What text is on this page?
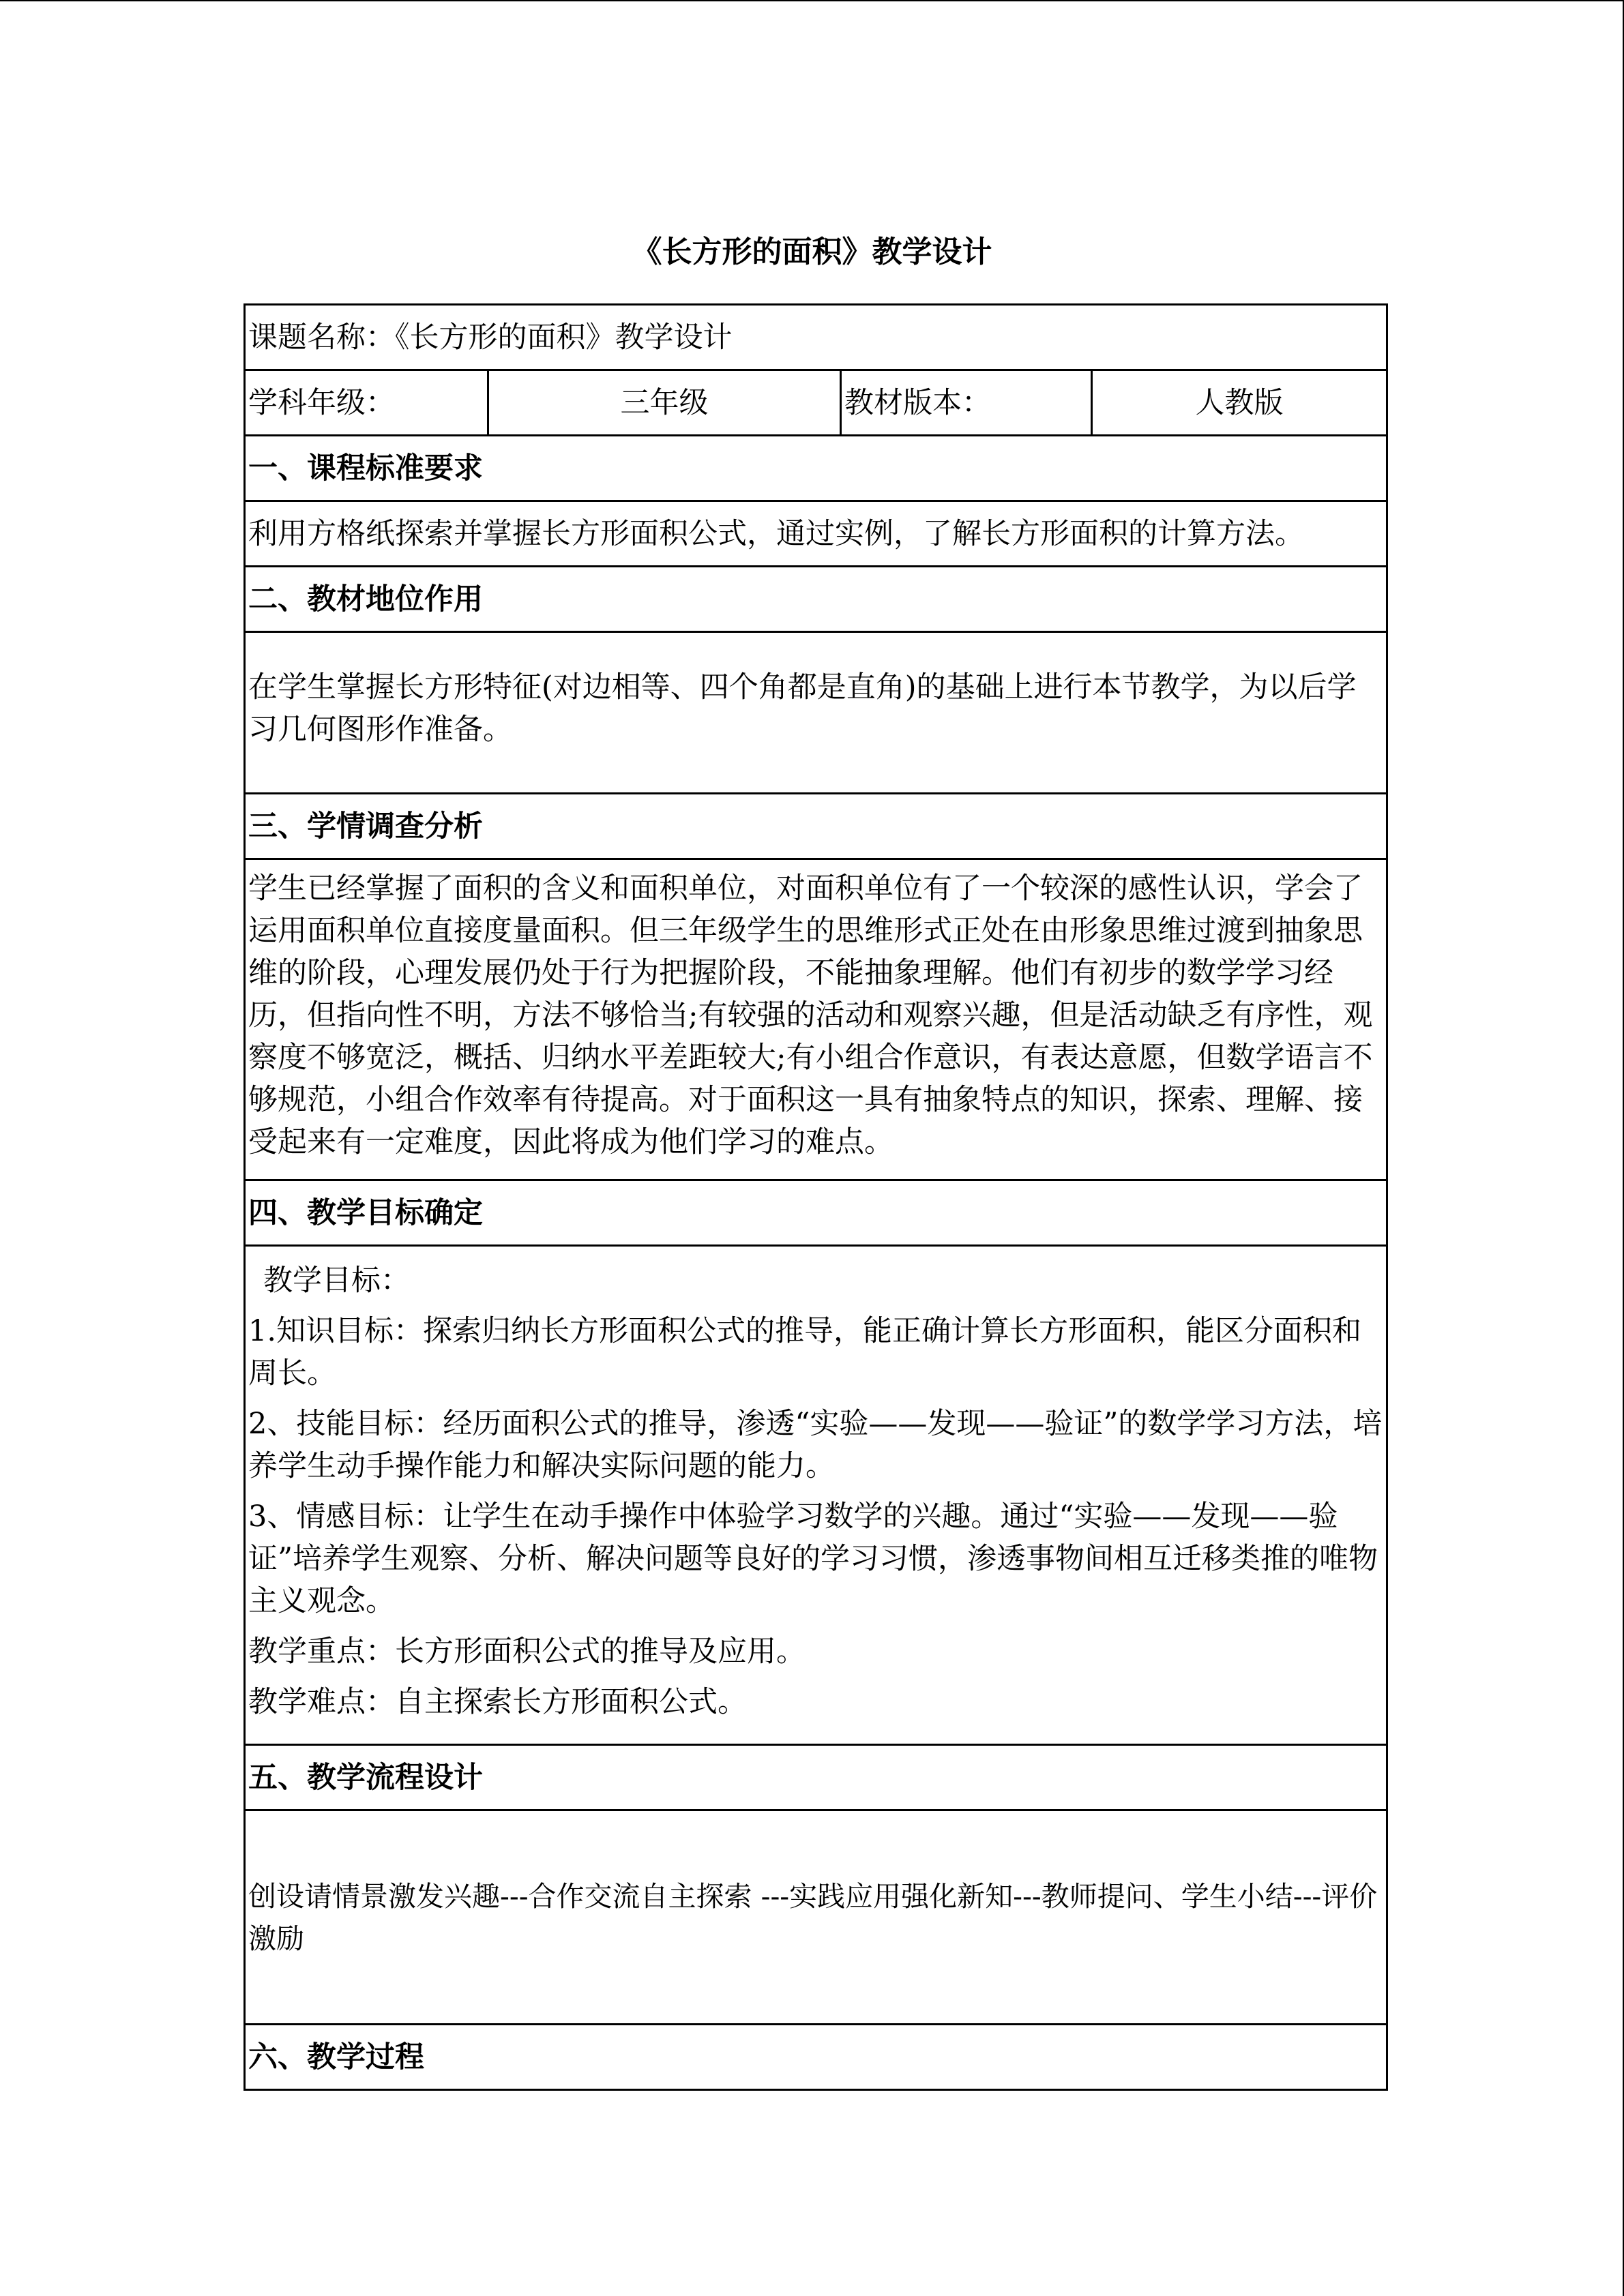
《长方形的面积》教学设计
课题名称：《长方形的面积》教学设计
学科年级：	三年级	教材版本：	人教版
一、课程标准要求
利用方格纸探索并掌握长方形面积公式，通过实例，了解长方形面积的计算方法。
二、教材地位作用

在学生掌握长方形特征(对边相等、四个角都是直角)的基础上进行本节教学，为以后学习几何图形作准备。

三、学情调查分析

学生已经掌握了面积的含义和面积单位，对面积单位有了一个较深的感性认识，学会了运用面积单位直接度量面积。但三年级学生的思维形式正处在由形象思维过渡到抽象思维的阶段，心理发展仍处于行为把握阶段，不能抽象理解。他们有初步的数学学习经历，但指向性不明，方法不够恰当;有较强的活动和观察兴趣，但是活动缺乏有序性，观察度不够宽泛，概括、归纳水平差距较大;有小组合作意识，有表达意愿，但数学语言不够规范，小组合作效率有待提高。对于面积这一具有抽象特点的知识，探索、理解、接受起来有一定难度，因此将成为他们学习的难点。

四、教学目标确定

教学目标：

1.知识目标：探索归纳长方形面积公式的推导，能正确计算长方形面积，能区分面积和周长。

2、技能目标：经历面积公式的推导，渗透“实验——发现——验证”的数学学习方法，培养学生动手操作能力和解决实际问题的能力。

3、情感目标：让学生在动手操作中体验学习数学的兴趣。通过“实验——发现——验证”培养学生观察、分析、解决问题等良好的学习习惯，渗透事物间相互迁移类推的唯物主义观念。

教学重点：长方形面积公式的推导及应用。

教学难点：自主探索长方形面积公式。

五、教学流程设计
创设请情景激发兴趣---合作交流自主探索 ---实践应用强化新知---教师提问、学生小结---评价激励
六、教学过程
